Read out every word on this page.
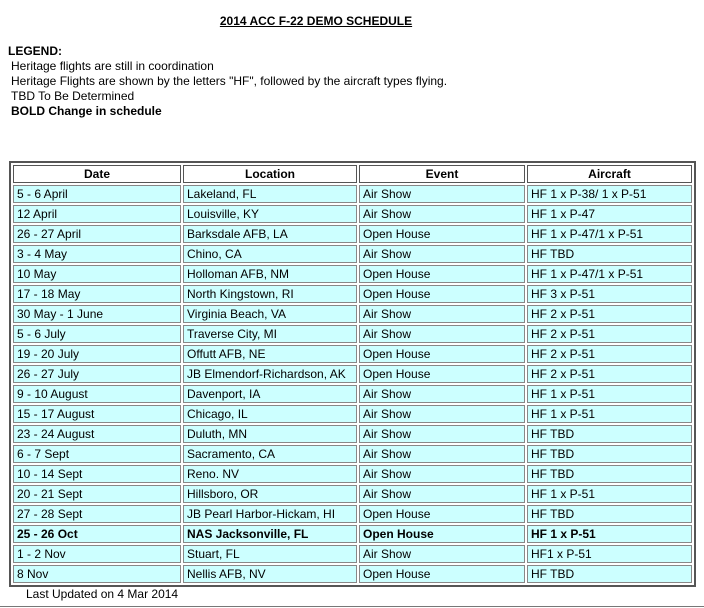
2014 ACC F-22 DEMO SCHEDULE
LEGEND:
Heritage flights are still in coordination
Heritage Flights are shown by the letters "HF", followed by the aircraft types flying.
TBD To Be Determined
BOLD Change in schedule
Date	Location	Event	Aircraft
5 - 6 April	Lakeland, FL	Air Show	HF 1 x P-38/ 1 x P-51
12 April	Louisville, KY	Air Show	HF 1 x P-47
26 - 27 April	Barksdale AFB, LA	Open House	HF 1 x P-47/1 x P-51
3 - 4 May	Chino, CA	Air Show	HF TBD
10 May	Holloman AFB, NM	Open House	HF 1 x P-47/1 x P-51
17 - 18 May	North Kingstown, RI	Open House	HF 3 x P-51
30 May - 1 June	Virginia Beach, VA	Air Show	HF 2 x P-51
5 - 6 July	Traverse City, MI	Air Show	HF 2 x P-51
19 - 20 July	Offutt AFB, NE	Open House	HF 2 x P-51
26 - 27 July	JB Elmendorf-Richardson, AK	Open House	HF 2 x P-51
9 - 10 August	Davenport, IA	Air Show	HF 1 x P-51
15 - 17 August	Chicago, IL	Air Show	HF 1 x P-51
23 - 24 August	Duluth, MN	Air Show	HF TBD
6 - 7 Sept	Sacramento, CA	Air Show	HF TBD
10 - 14 Sept	Reno. NV	Air Show	HF TBD
20 - 21 Sept	Hillsboro, OR	Air Show	HF 1 x P-51
27 - 28 Sept	JB Pearl Harbor-Hickam, HI	Open House	HF TBD
25 - 26 Oct	NAS Jacksonville, FL	Open House	HF 1 x P-51
1 - 2 Nov	Stuart, FL	Air Show	HF1 x P-51
8 Nov	Nellis AFB, NV	Open House	HF TBD
Last Updated on 4 Mar 2014
